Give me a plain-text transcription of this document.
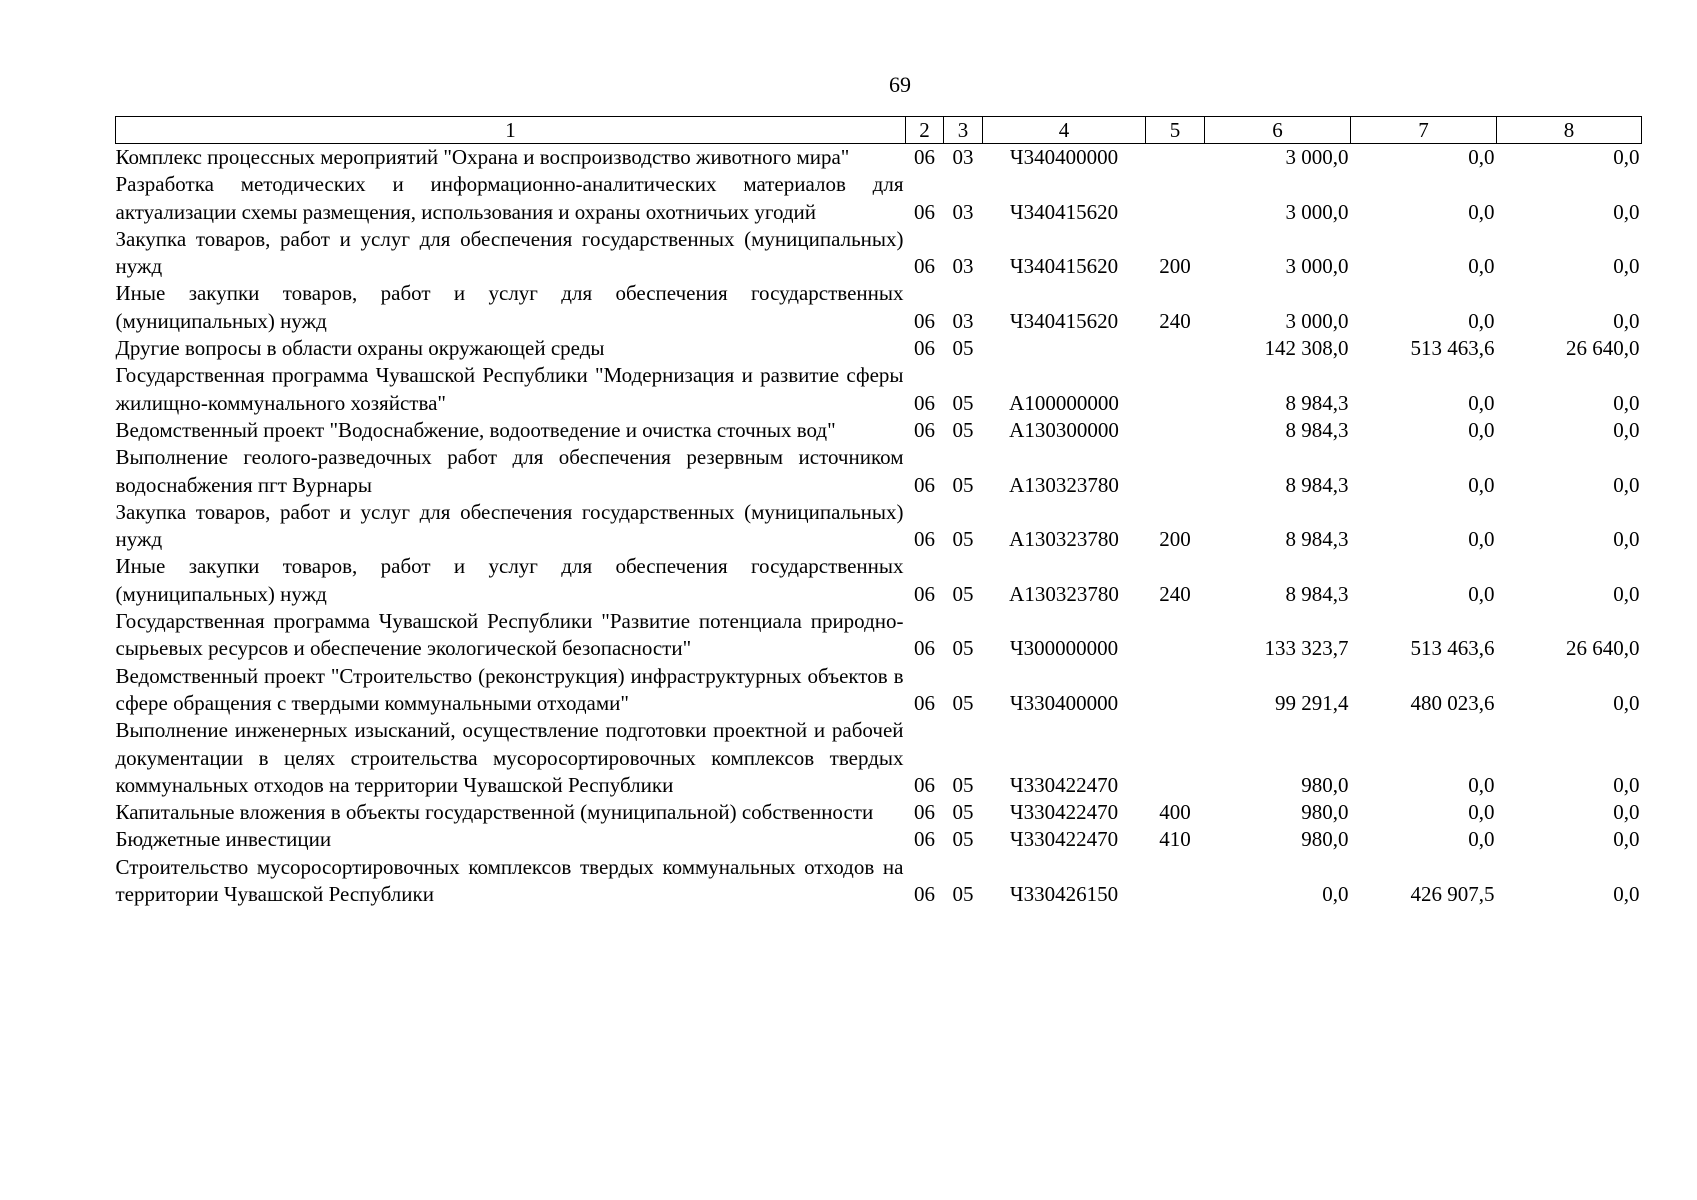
69
1	2	3	4	5	6	7	8
Комплекс процессных мероприятий "Охрана и воспроизводство животного мира"	06	03	Ч340400000		3 000,0	0,0	0,0
Разработка методических и информационно-аналитических материалов для актуализации схемы размещения, использования и охраны охотничьих угодий	06	03	Ч340415620		3 000,0	0,0	0,0
Закупка товаров, работ и услуг для обеспечения государственных (муниципальных) нужд	06	03	Ч340415620	200	3 000,0	0,0	0,0
Иные закупки товаров, работ и услуг для обеспечения государственных (муниципальных) нужд	06	03	Ч340415620	240	3 000,0	0,0	0,0
Другие вопросы в области охраны окружающей среды	06	05			142 308,0	513 463,6	26 640,0
Государственная программа Чувашской Республики "Модернизация и развитие сферы жилищно-коммунального хозяйства"	06	05	А100000000		8 984,3	0,0	0,0
Ведомственный проект "Водоснабжение, водоотведение и очистка сточных вод"	06	05	А130300000		8 984,3	0,0	0,0
Выполнение геолого-разведочных работ для обеспечения резервным источником водоснабжения пгт Вурнары	06	05	А130323780		8 984,3	0,0	0,0
Закупка товаров, работ и услуг для обеспечения государственных (муниципальных) нужд	06	05	А130323780	200	8 984,3	0,0	0,0
Иные закупки товаров, работ и услуг для обеспечения государственных (муниципальных) нужд	06	05	А130323780	240	8 984,3	0,0	0,0
Государственная программа Чувашской Республики "Развитие потенциала природно-сырьевых ресурсов и обеспечение экологической безопасности"	06	05	Ч300000000		133 323,7	513 463,6	26 640,0
Ведомственный проект "Строительство (реконструкция) инфраструктурных объектов в сфере обращения с твердыми коммунальными отходами"	06	05	Ч330400000		99 291,4	480 023,6	0,0
Выполнение инженерных изысканий, осуществление подготовки проектной и рабочей документации в целях строительства мусоросортировочных комплексов твердых коммунальных отходов на территории Чувашской Республики	06	05	Ч330422470		980,0	0,0	0,0
Капитальные вложения в объекты государственной (муниципальной) собственности	06	05	Ч330422470	400	980,0	0,0	0,0
Бюджетные инвестиции	06	05	Ч330422470	410	980,0	0,0	0,0
Строительство мусоросортировочных комплексов твердых коммунальных отходов на территории Чувашской Республики	06	05	Ч330426150		0,0	426 907,5	0,0
